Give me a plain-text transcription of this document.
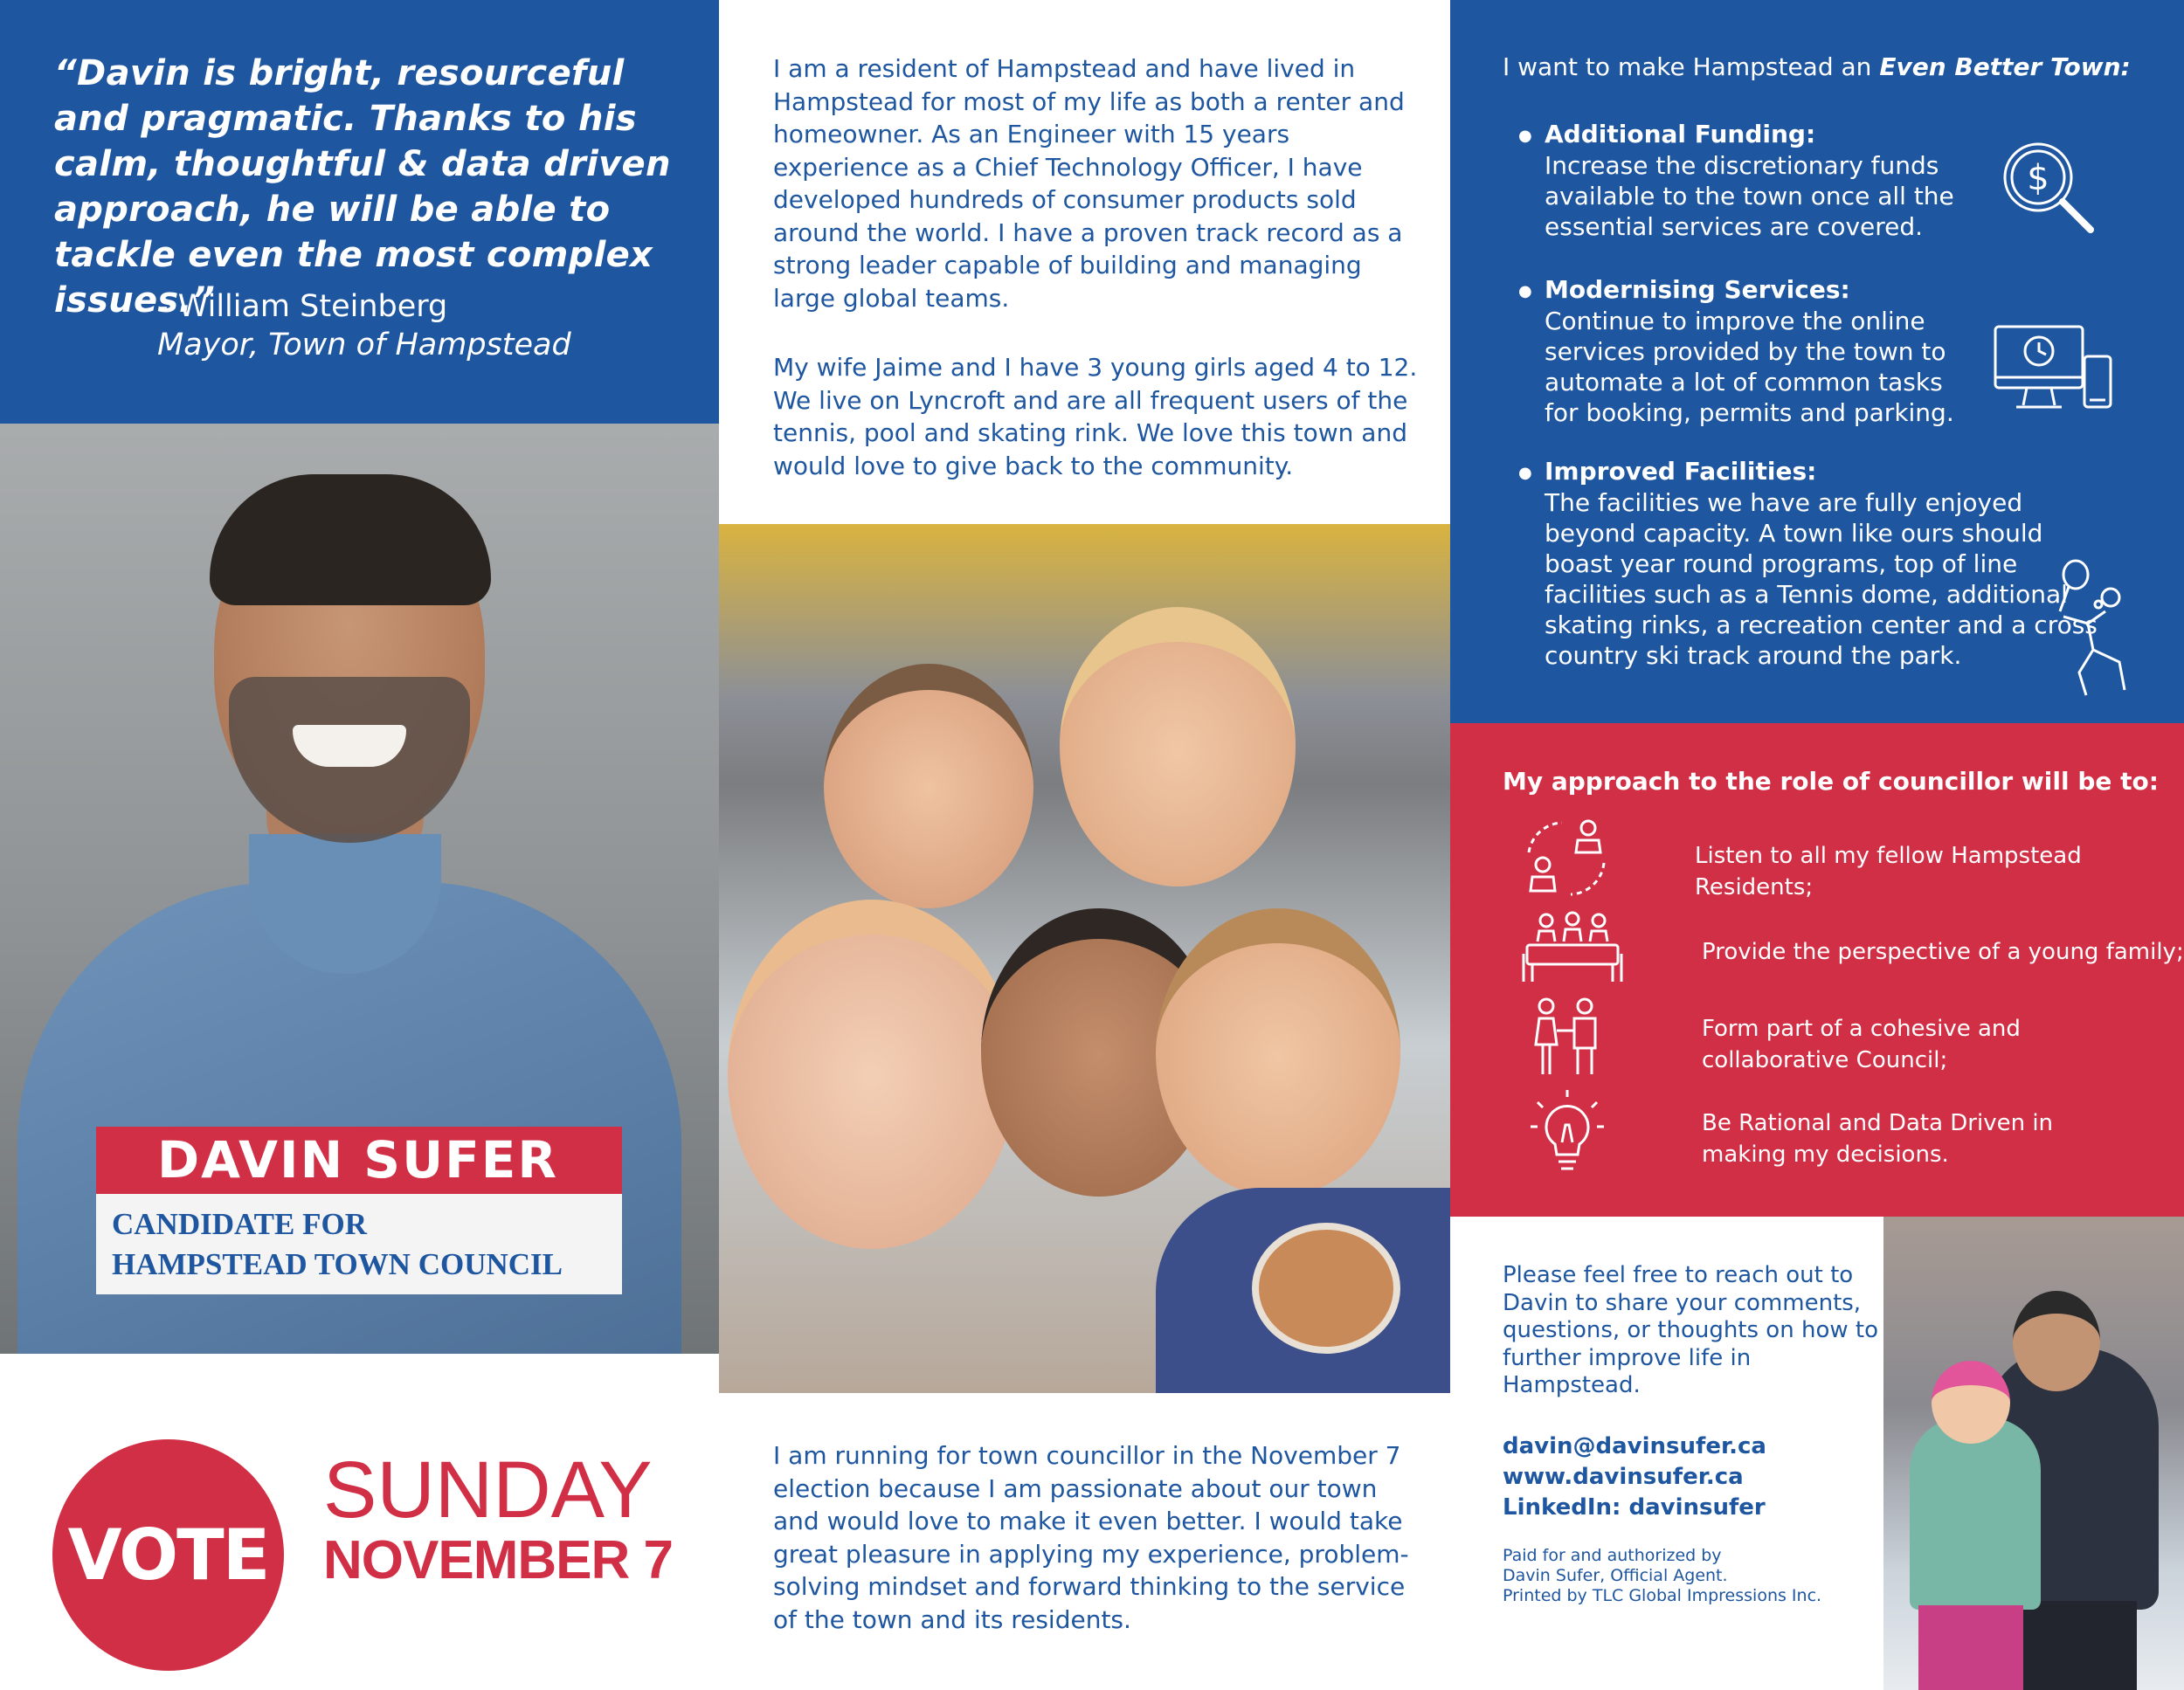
“Davin is bright, resourceful and pragmatic. Thanks to his calm, thoughtful & data driven approach, he will be able to tackle even the most complex issues.”
- William Steinberg
Mayor, Town of Hampstead
DAVIN SUFER
CANDIDATE FOR
HAMPSTEAD TOWN COUNCIL
VOTE
SUNDAY
NOVEMBER 7
I am a resident of Hampstead and have lived in Hampstead for most of my life as both a renter and homeowner. As an Engineer with 15 years experience as a Chief Technology Officer, I have developed hundreds of consumer products sold around the world. I have a proven track record as a strong leader capable of building and managing large global teams.
My wife Jaime and I have 3 young girls aged 4 to 12. We live on Lyncroft and are all frequent users of the tennis, pool and skating rink. We love this town and would love to give back to the community.
I am running for town councillor in the November 7 election because I am passionate about our town and would love to make it even better. I would take great pleasure in applying my experience, problem-solving mindset and forward thinking to the service of the town and its residents.
I want to make Hampstead an Even Better Town:
● Additional Funding:
Increase the discretionary funds available to the town once all the essential services are covered.
$
● Modernising Services:
Continue to improve the online services provided by the town to automate a lot of common tasks for booking, permits and parking.
● Improved Facilities:
The facilities we have are fully enjoyed beyond capacity. A town like ours should boast year round programs, top of line facilities such as a Tennis dome, additional skating rinks, a recreation center and a cross country ski track around the park.
My approach to the role of councillor will be to:
Listen to all my fellow Hampstead Residents;
Provide the perspective of a young family;
Form part of a cohesive and collaborative Council;
Be Rational and Data Driven in making my decisions.
Please feel free to reach out to Davin to share your comments, questions, or thoughts on how to further improve life in Hampstead.
davin@davinsufer.ca
www.davinsufer.ca
LinkedIn: davinsufer
Paid for and authorized by
Davin Sufer, Official Agent.
Printed by TLC Global Impressions Inc.
